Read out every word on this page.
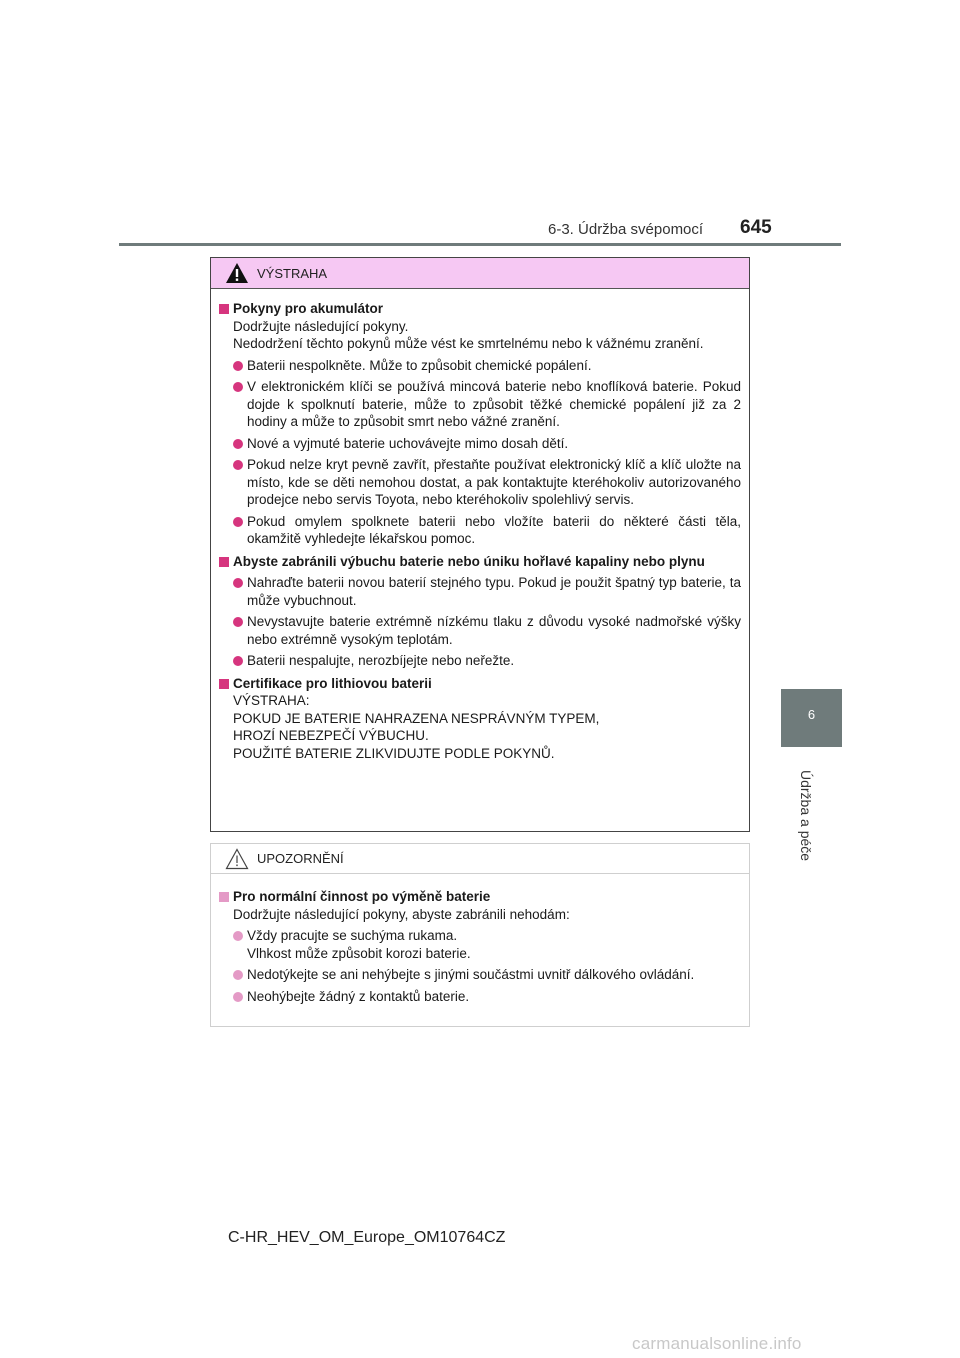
6-3. Údržba svépomocí 645
6
Údržba a péče
VÝSTRAHA
Pokyny pro akumulátor
Dodržujte následující pokyny.
Nedodržení těchto pokynů může vést ke smrtelnému nebo k vážnému zranění.
Baterii nespolkněte. Může to způsobit chemické popálení.
V elektronickém klíči se používá mincová baterie nebo knoflíková baterie. Pokud dojde k spolknutí baterie, může to způsobit těžké chemické popálení již za 2 hodiny a může to způsobit smrt nebo vážné zranění.
Nové a vyjmuté baterie uchovávejte mimo dosah dětí.
Pokud nelze kryt pevně zavřít, přestaňte používat elektronický klíč a klíč uložte na místo, kde se děti nemohou dostat, a pak kontaktujte kteréhokoliv autorizovaného prodejce nebo servis Toyota, nebo kteréhokoliv spolehlivý servis.
Pokud omylem spolknete baterii nebo vložíte baterii do některé části těla, okamžitě vyhledejte lékařskou pomoc.
Abyste zabránili výbuchu baterie nebo úniku hořlavé kapaliny nebo plynu
Nahraďte baterii novou baterií stejného typu. Pokud je použit špatný typ baterie, ta může vybuchnout.
Nevystavujte baterie extrémně nízkému tlaku z důvodu vysoké nadmořské výšky nebo extrémně vysokým teplotám.
Baterii nespalujte, nerozbíjejte nebo neřežte.
Certifikace pro lithiovou baterii
VÝSTRAHA:
POKUD JE BATERIE NAHRAZENA NESPRÁVNÝM TYPEM,
HROZÍ NEBEZPEČÍ VÝBUCHU.
POUŽITÉ BATERIE ZLIKVIDUJTE PODLE POKYNŮ.
UPOZORNĚNÍ
Pro normální činnost po výměně baterie
Dodržujte následující pokyny, abyste zabránili nehodám:
Vždy pracujte se suchýma rukama.
Vlhkost může způsobit korozi baterie.
Nedotýkejte se ani nehýbejte s jinými součástmi uvnitř dálkového ovládání.
Neohýbejte žádný z kontaktů baterie.
C-HR_HEV_OM_Europe_OM10764CZ
carmanualsonline.info
